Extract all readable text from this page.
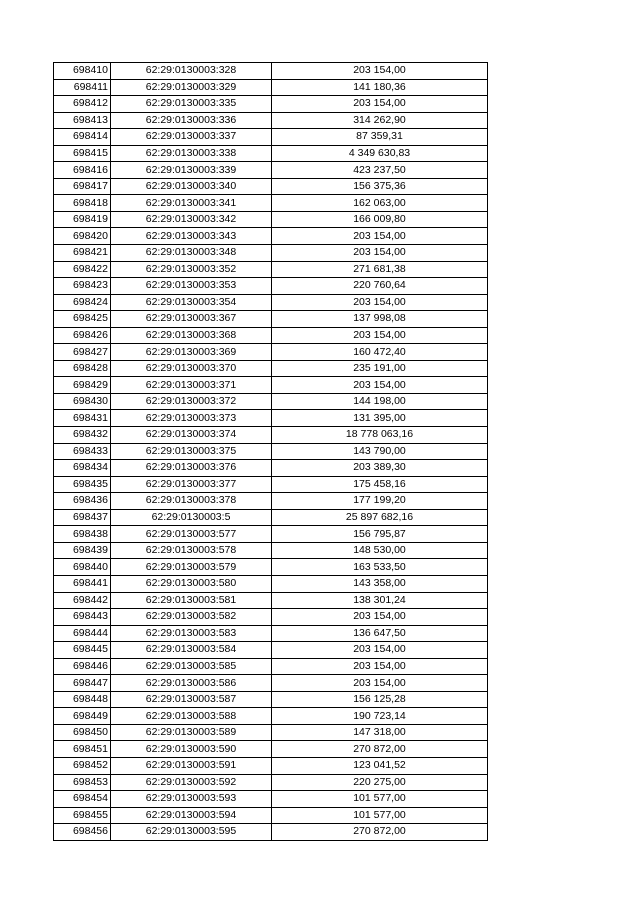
698410	62:29:0130003:328	203 154,00
698411	62:29:0130003:329	141 180,36
698412	62:29:0130003:335	203 154,00
698413	62:29:0130003:336	314 262,90
698414	62:29:0130003:337	87 359,31
698415	62:29:0130003:338	4 349 630,83
698416	62:29:0130003:339	423 237,50
698417	62:29:0130003:340	156 375,36
698418	62:29:0130003:341	162 063,00
698419	62:29:0130003:342	166 009,80
698420	62:29:0130003:343	203 154,00
698421	62:29:0130003:348	203 154,00
698422	62:29:0130003:352	271 681,38
698423	62:29:0130003:353	220 760,64
698424	62:29:0130003:354	203 154,00
698425	62:29:0130003:367	137 998,08
698426	62:29:0130003:368	203 154,00
698427	62:29:0130003:369	160 472,40
698428	62:29:0130003:370	235 191,00
698429	62:29:0130003:371	203 154,00
698430	62:29:0130003:372	144 198,00
698431	62:29:0130003:373	131 395,00
698432	62:29:0130003:374	18 778 063,16
698433	62:29:0130003:375	143 790,00
698434	62:29:0130003:376	203 389,30
698435	62:29:0130003:377	175 458,16
698436	62:29:0130003:378	177 199,20
698437	62:29:0130003:5	25 897 682,16
698438	62:29:0130003:577	156 795,87
698439	62:29:0130003:578	148 530,00
698440	62:29:0130003:579	163 533,50
698441	62:29:0130003:580	143 358,00
698442	62:29:0130003:581	138 301,24
698443	62:29:0130003:582	203 154,00
698444	62:29:0130003:583	136 647,50
698445	62:29:0130003:584	203 154,00
698446	62:29:0130003:585	203 154,00
698447	62:29:0130003:586	203 154,00
698448	62:29:0130003:587	156 125,28
698449	62:29:0130003:588	190 723,14
698450	62:29:0130003:589	147 318,00
698451	62:29:0130003:590	270 872,00
698452	62:29:0130003:591	123 041,52
698453	62:29:0130003:592	220 275,00
698454	62:29:0130003:593	101 577,00
698455	62:29:0130003:594	101 577,00
698456	62:29:0130003:595	270 872,00
